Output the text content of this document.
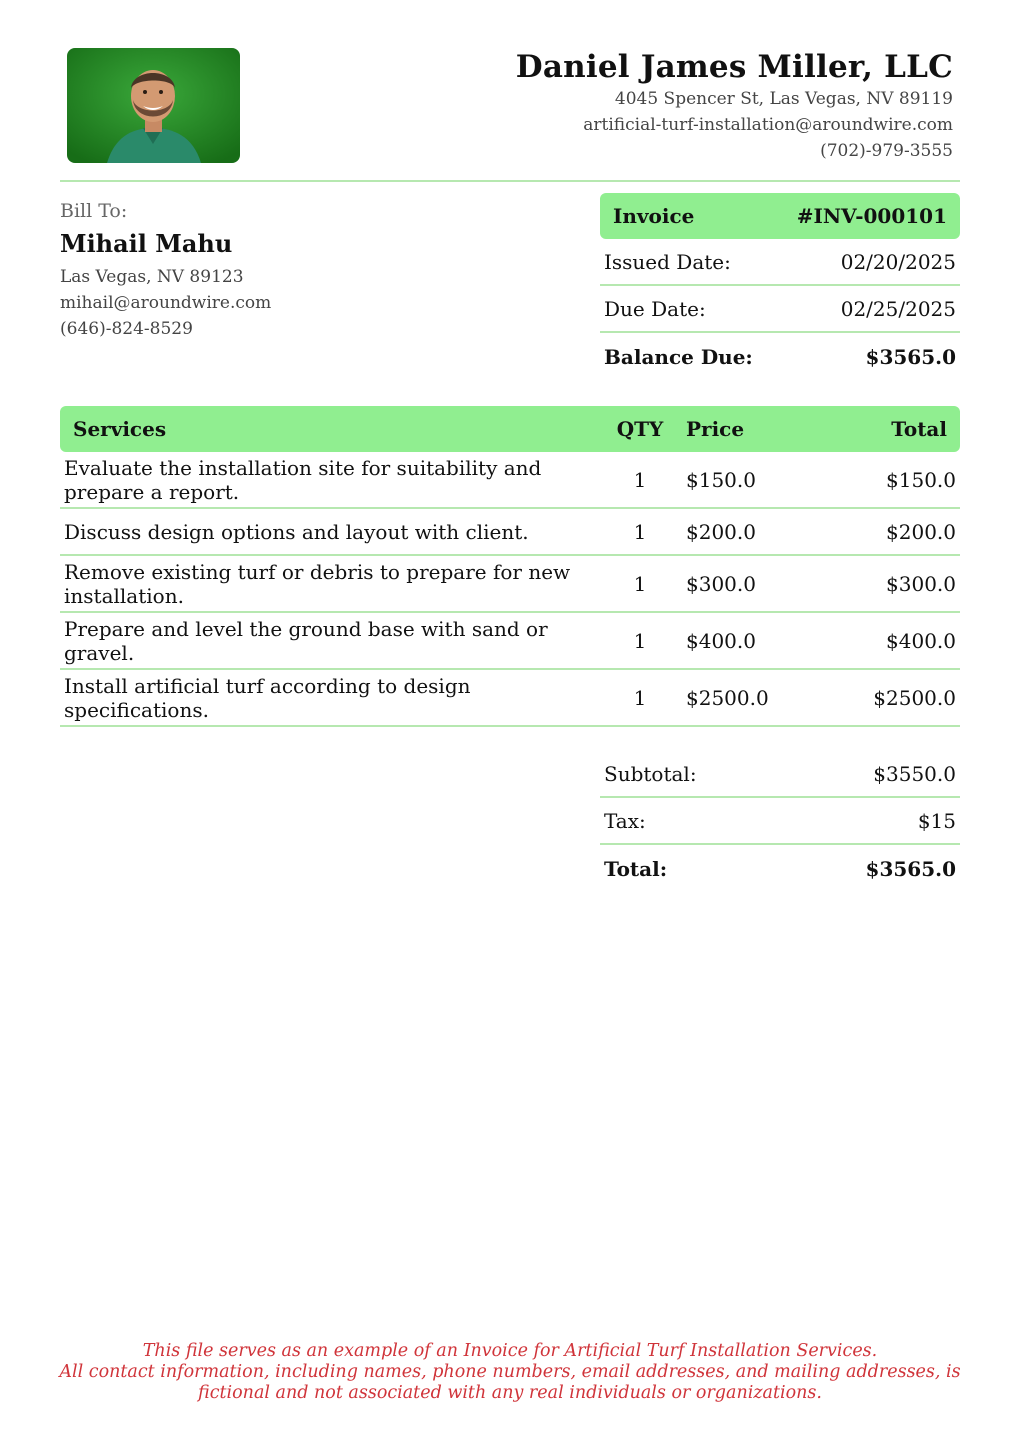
Daniel James Miller, LLC
4045 Spencer St, Las Vegas, NV 89119
artificial-turf-installation@aroundwire.com
(702)-979-3555
Bill To:
Mihail Mahu
Las Vegas, NV 89123
mihail@aroundwire.com
(646)-824-8529
Invoice	#INV-000101
Issued Date:	02/20/2025
Due Date:	02/25/2025
Balance Due:	$3565.0
Services	QTY	Price	Total
Evaluate the installation site for suitability and prepare a report.	1	$150.0	$150.0
Discuss design options and layout with client.	1	$200.0	$200.0
Remove existing turf or debris to prepare for new installation.	1	$300.0	$300.0
Prepare and level the ground base with sand or gravel.	1	$400.0	$400.0
Install artificial turf according to design specifications.	1	$2500.0	$2500.0
Subtotal:	$3550.0
Tax:	$15
Total:	$3565.0
This file serves as an example of an Invoice for Artificial Turf Installation Services.
All contact information, including names, phone numbers, email addresses, and mailing addresses, is
fictional and not associated with any real individuals or organizations.
